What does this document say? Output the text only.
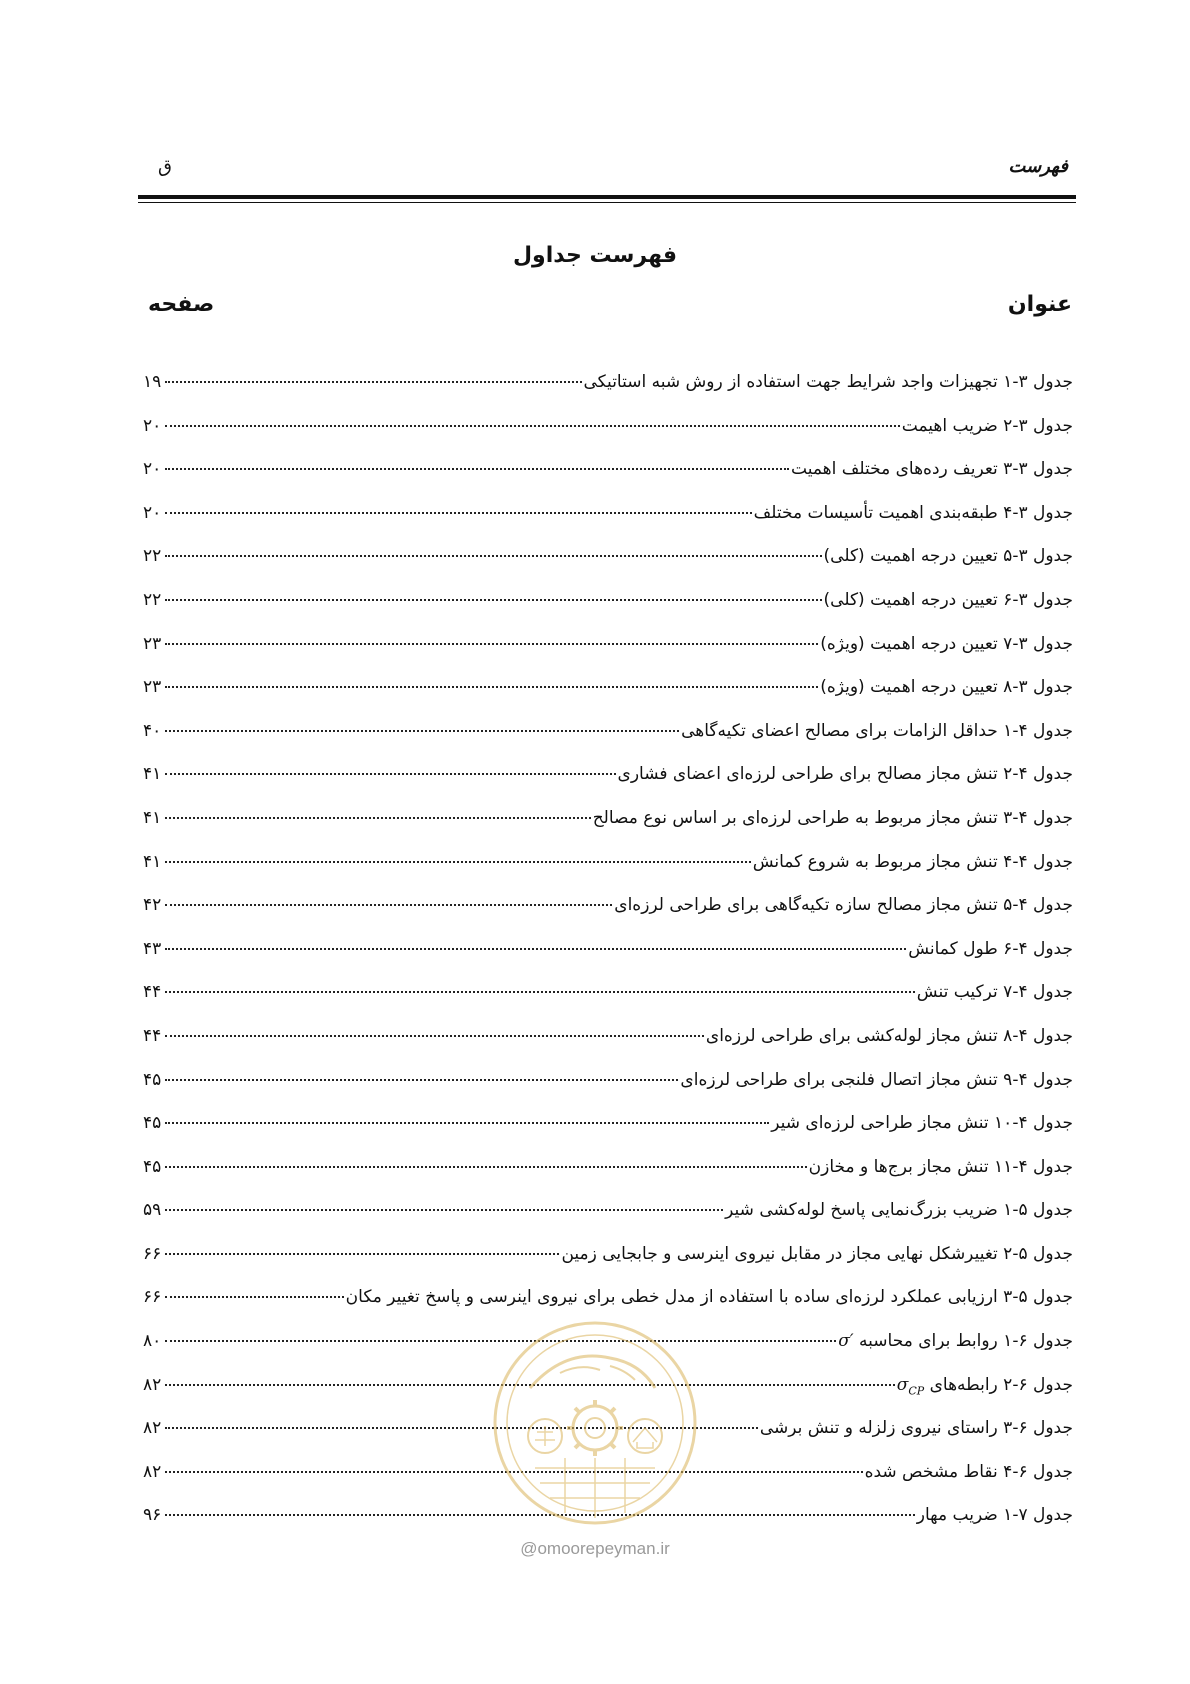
فهرست
ق
فهرست جداول
عنوان
صفحه
جدول ۳-۱ تجهیزات واجد شرایط جهت استفاده از روش شبه استاتیکی
۱۹
جدول ۳-۲ ضریب اهیمت
۲۰
جدول ۳-۳ تعریف رده‌های مختلف اهمیت
۲۰
جدول ۳-۴ طبقه‌بندی اهمیت تأسیسات مختلف
۲۰
جدول ۳-۵ تعیین درجه اهمیت (کلی)
۲۲
جدول ۳-۶ تعیین درجه اهمیت (کلی)
۲۲
جدول ۳-۷ تعیین درجه اهمیت (ویژه)
۲۳
جدول ۳-۸ تعیین درجه اهمیت (ویژه)
۲۳
جدول ۴-۱ حداقل الزامات برای مصالح اعضای تکیه‌گاهی
۴۰
جدول ۴-۲ تنش مجاز مصالح برای طراحی لرزه‌ای اعضای فشاری
۴۱
جدول ۴-۳ تنش مجاز مربوط به طراحی لرزه‌ای بر اساس نوع مصالح
۴۱
جدول ۴-۴ تنش مجاز مربوط به شروع کمانش
۴۱
جدول ۴-۵ تنش مجاز مصالح سازه تکیه‌گاهی برای طراحی لرزه‌ای
۴۲
جدول ۴-۶ طول کمانش
۴۳
جدول ۴-۷ ترکیب تنش
۴۴
جدول ۴-۸ تنش مجاز لوله‌کشی برای طراحی لرزه‌ای
۴۴
جدول ۴-۹ تنش مجاز اتصال فلنجی برای طراحی لرزه‌ای
۴۵
جدول ۴-۱۰ تنش مجاز طراحی لرزه‌ای شیر
۴۵
جدول ۴-۱۱ تنش مجاز برج‌ها و مخازن
۴۵
جدول ۵-۱ ضریب بزرگ‌نمایی پاسخ لوله‌کشی شیر
۵۹
جدول ۵-۲ تغییرشکل نهایی مجاز در مقابل نیروی اینرسی و جابجایی زمین
۶۶
جدول ۵-۳ ارزیابی عملکرد لرزه‌ای ساده با استفاده از مدل خطی برای نیروی اینرسی و پاسخ تغییر مکان
۶۶
جدول ۶-۱ روابط برای محاسبه σ′
۸۰
جدول ۶-۲ رابطه‌های $\sigma_{CP}$
۸۲
جدول ۶-۳ راستای نیروی زلزله و تنش برشی
۸۲
جدول ۶-۴ نقاط مشخص شده
۸۲
جدول ۷-۱ ضریب مهار
۹۶
@omoorepeyman.ir
